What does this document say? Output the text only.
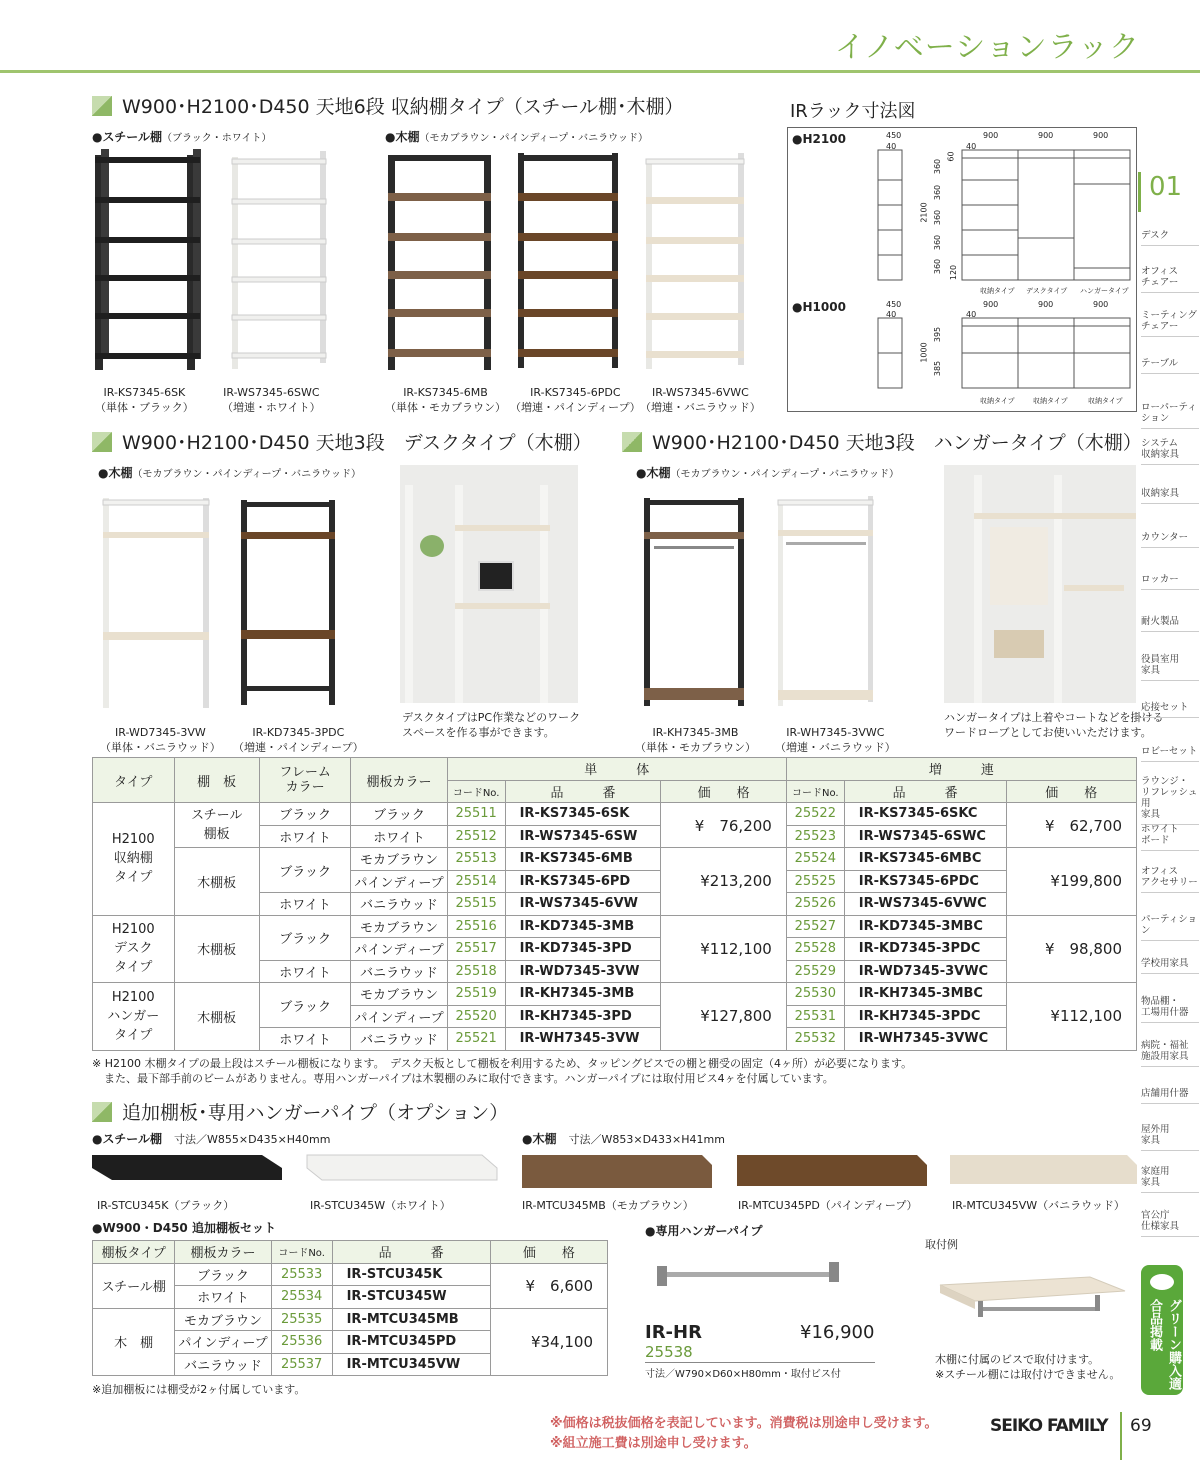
イノベーションラック
W900･H2100･D450 天地6段 収納棚タイプ（スチール棚･木棚）
●スチール棚（ブラック・ホワイト）	●木棚（モカブラウン・パインディープ・バニラウッド）
IR-KS7345-6SK
（単体・ブラック）
IR-WS7345-6SWC
（増連・ホワイト）
IR-KS7345-6MB
（単体・モカブラウン）
IR-KS7345-6PDC
（増連・パインディープ）
IR-WS7345-6VWC
（増連・バニラウッド）
IRラック寸法図
●H2100
●H1000
450
40
900	900	900
40
2100
360
360
360
360
360
60
120
収納タイプ デスクタイプ ハンガータイプ
450
40
900	900	900
40
1000
395
385
収納タイプ	収納タイプ	収納タイプ
W900･H2100･D450 天地3段　デスクタイプ（木棚）
●木棚（モカブラウン・パインディープ・バニラウッド）
IR-WD7345-3VW
（単体・バニラウッド）
IR-KD7345-3PDC
（増連・パインディープ）
デスクタイプはPC作業などのワーク
スペースを作る事ができます。
W900･H2100･D450 天地3段　ハンガータイプ（木棚）
●木棚（モカブラウン・パインディープ・バニラウッド）
IR-KH7345-3MB
（単体・モカブラウン）
IR-WH7345-3VWC
（増連・バニラウッド）
ハンガータイプは上着やコートなどを掛ける
ワードローブとしてお使いいただけます。
タイプ	棚　板	フレーム
カラー	棚板カラー	単　　　体			増　　　連		
				コードNo.	品　　　番	価　　格	コードNo.	品　　　番	価　　格
H2100
収納棚
タイプ	スチール
棚板	ブラック	ブラック	25511	IR-KS7345-6SK	¥　76,200	25522	IR-KS7345-6SKC	¥　62,700
		ホワイト	ホワイト	25512	IR-WS7345-6SW		25523	IR-WS7345-6SWC	
	木棚板	ブラック	モカブラウン	25513	IR-KS7345-6MB	¥213,200	25524	IR-KS7345-6MBC	¥199,800
			パインディープ	25514	IR-KS7345-6PD		25525	IR-KS7345-6PDC	
		ホワイト	バニラウッド	25515	IR-WS7345-6VW		25526	IR-WS7345-6VWC	
H2100
デスク
タイプ	木棚板	ブラック	モカブラウン	25516	IR-KD7345-3MB	¥112,100	25527	IR-KD7345-3MBC	¥　98,800
			パインディープ	25517	IR-KD7345-3PD		25528	IR-KD7345-3PDC	
		ホワイト	バニラウッド	25518	IR-WD7345-3VW		25529	IR-WD7345-3VWC	
H2100
ハンガー
タイプ	木棚板	ブラック	モカブラウン	25519	IR-KH7345-3MB	¥127,800	25530	IR-KH7345-3MBC	¥112,100
			パインディープ	25520	IR-KH7345-3PD		25531	IR-KH7345-3PDC	
		ホワイト	バニラウッド	25521	IR-WH7345-3VW		25532	IR-WH7345-3VWC	
※ H2100 木棚タイプの最上段はスチール棚板になります。　デスク天板として棚板を利用するため、タッピングビスでの棚と棚受の固定（4ヶ所）が必要になります。
また、最下部手前のビームがありません。専用ハンガーパイプは木製棚のみに取付できます。ハンガーパイプには取付用ビス4ヶを付属しています。
追加棚板･専用ハンガーパイプ（オプション）
●スチール棚　 寸法／W855×D435×H40mm	●木棚　 寸法／W853×D433×H41mm
IR-STCU345K（ブラック）	IR-STCU345W（ホワイト）	IR-MTCU345MB（モカブラウン）	IR-MTCU345PD（パインディープ）	IR-MTCU345VW（バニラウッド）
●W900・D450 追加棚板セット
棚板タイプ	棚板カラー	コードNo.	品　　　番	価　　格
スチール棚	ブラック	25533	IR-STCU345K	¥　6,600
	ホワイト	25534	IR-STCU345W	
木　棚	モカブラウン	25535	IR-MTCU345MB	¥34,100
	パインディープ	25536	IR-MTCU345PD	
	バニラウッド	25537	IR-MTCU345VW	
※追加棚板には棚受が2ヶ付属しています。
●専用ハンガーパイプ
IR-HR	¥16,900
25538
寸法／W790×D60×H80mm・取付ビス付
取付例
木棚に付属のビスで取付けます。
※スチール棚には取付けできません。
※価格は税抜価格を表記しています。消費税は別途申し受けます。
※組立施工費は別途申し受けます。
SEIKO FAMILY 69
01
デスク
オフィス
チェアー
ミーティング
チェアー
テーブル
ローパーティション
システム
収納家具
収納家具
カウンター
ロッカー
耐火製品
役員室用
家具
応接セット
ロビーセット
ラウンジ・
リフレッシュ用
家具
ホワイト
ボード
オフィス
アクセサリー
パーティション
学校用家具
物品棚・
工場用什器
病院・福祉
施設用家具
店舗用什器
屋外用
家具
家庭用
家具
官公庁
仕様家具
グリーン購入適合品掲載
